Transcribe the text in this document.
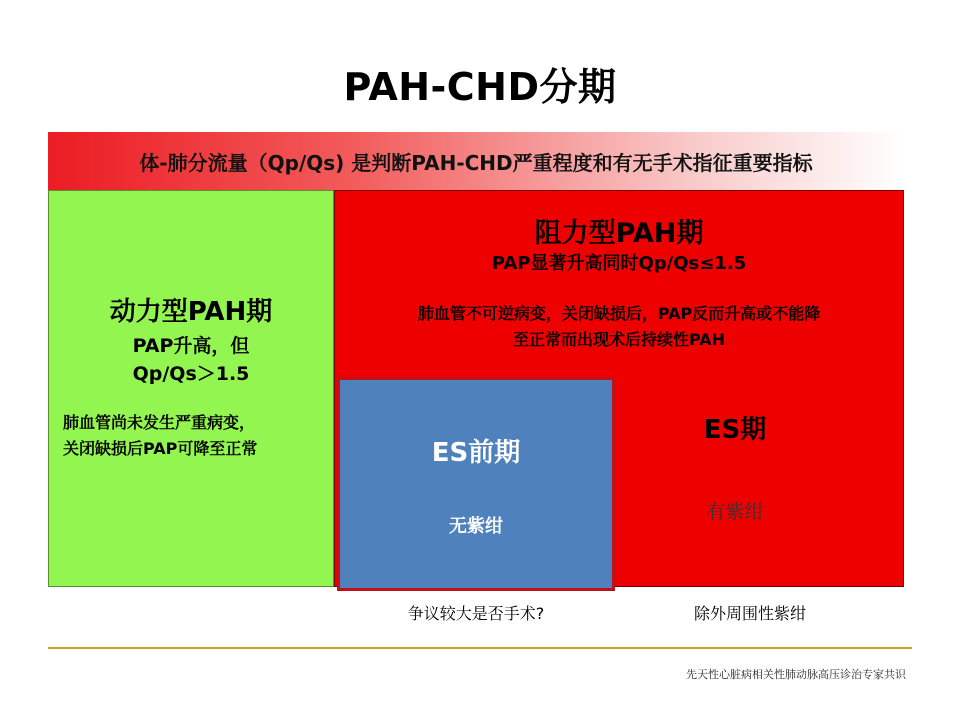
PAH-CHD分期
体-肺分流量（Qp/Qs) 是判断PAH-CHD严重程度和有无手术指征重要指标
动力型PAH期
PAP升高，但
Qp/Qs＞1.5
肺血管尚未发生严重病变，
关闭缺损后PAP可降至正常
阻力型PAH期
PAP显著升高同时Qp/Qs≤1.5
肺血管不可逆病变，关闭缺损后，PAP反而升高或不能降
至正常而出现术后持续性PAH
ES期
有紫绀
ES前期
无紫绀
争议较大是否手术?	除外周围性紫绀
先天性心脏病相关性肺动脉高压诊治专家共识
